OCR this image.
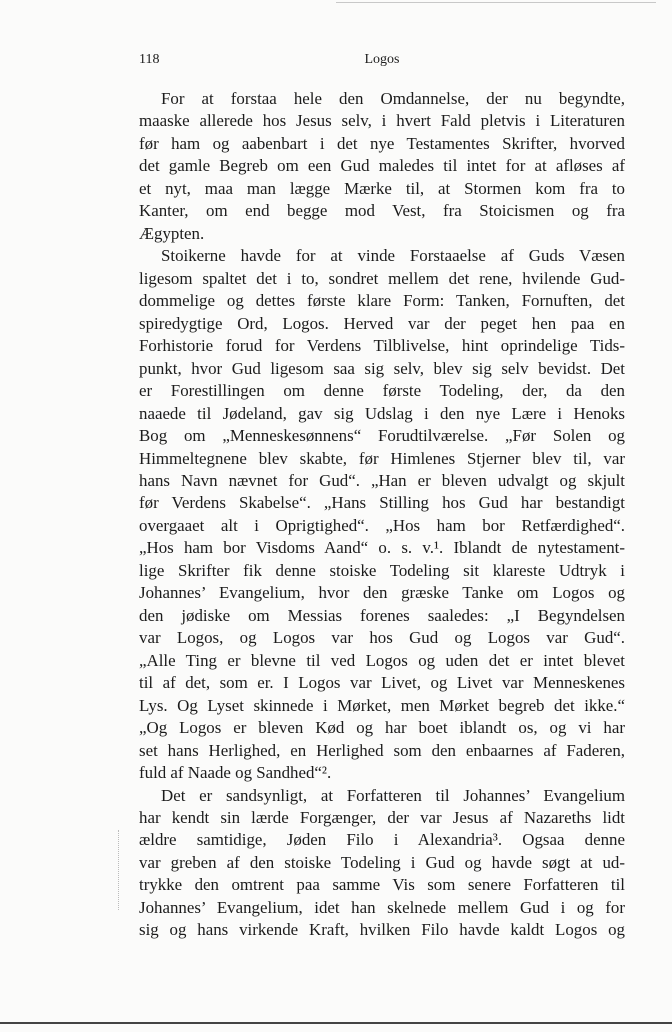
118	Logos
For at forstaa hele den Omdannelse, der nu begyndte,
maaske allerede hos Jesus selv, i hvert Fald pletvis i Literaturen
før ham og aabenbart i det nye Testamentes Skrifter, hvorved
det gamle Begreb om een Gud maledes til intet for at afløses af
et nyt, maa man lægge Mærke til, at Stormen kom fra to
Kanter, om end begge mod Vest, fra Stoicismen og fra
Ægypten.
Stoikerne havde for at vinde Forstaaelse af Guds Væsen
ligesom spaltet det i to, sondret mellem det rene, hvilende Gud-
dommelige og dettes første klare Form: Tanken, Fornuften, det
spiredygtige Ord, Logos. Herved var der peget hen paa en
Forhistorie forud for Verdens Tilblivelse, hint oprindelige Tids-
punkt, hvor Gud ligesom saa sig selv, blev sig selv bevidst. Det
er Forestillingen om denne første Todeling, der, da den
naaede til Jødeland, gav sig Udslag i den nye Lære i Henoks
Bog om „Menneskesønnens“ Forudtilværelse. „Før Solen og
Himmeltegnene blev skabte, før Himlenes Stjerner blev til, var
hans Navn nævnet for Gud“. „Han er bleven udvalgt og skjult
før Verdens Skabelse“. „Hans Stilling hos Gud har bestandigt
overgaaet alt i Oprigtighed“. „Hos ham bor Retfærdighed“.
„Hos ham bor Visdoms Aand“ o. s. v.¹. Iblandt de nytestament-
lige Skrifter fik denne stoiske Todeling sit klareste Udtryk i
Johannes’ Evangelium, hvor den græske Tanke om Logos og
den jødiske om Messias forenes saaledes: „I Begyndelsen
var Logos, og Logos var hos Gud og Logos var Gud“.
„Alle Ting er blevne til ved Logos og uden det er intet blevet
til af det, som er. I Logos var Livet, og Livet var Menneskenes
Lys. Og Lyset skinnede i Mørket, men Mørket begreb det ikke.“
„Og Logos er bleven Kød og har boet iblandt os, og vi har
set hans Herlighed, en Herlighed som den enbaarnes af Faderen,
fuld af Naade og Sandhed“².
Det er sandsynligt, at Forfatteren til Johannes’ Evangelium
har kendt sin lærde Forgænger, der var Jesus af Nazareths lidt
ældre samtidige, Jøden Filo i Alexandria³. Ogsaa denne
var greben af den stoiske Todeling i Gud og havde søgt at ud-
trykke den omtrent paa samme Vis som senere Forfatteren til
Johannes’ Evangelium, idet han skelnede mellem Gud i og for
sig og hans virkende Kraft, hvilken Filo havde kaldt Logos og
